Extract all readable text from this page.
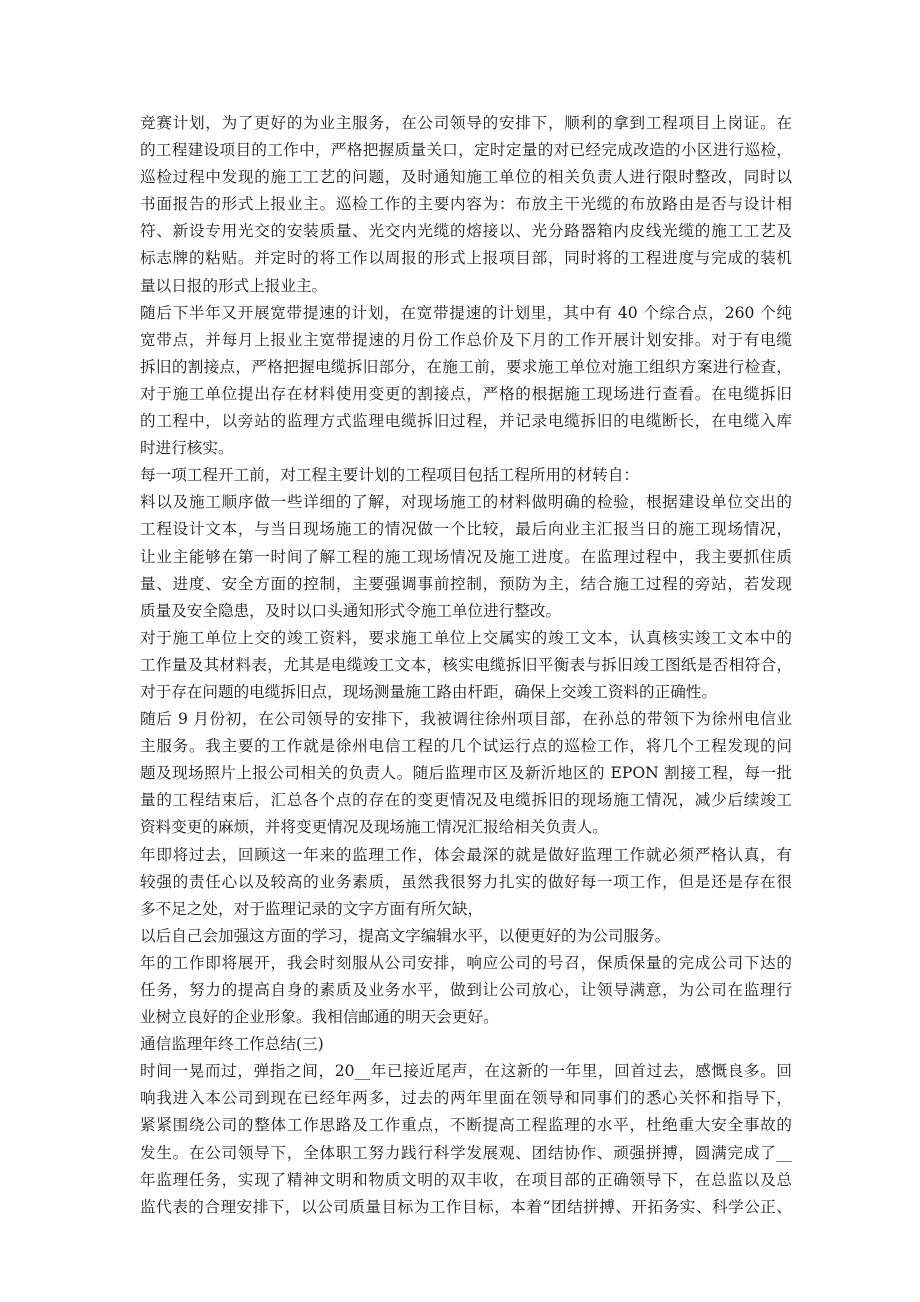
竞赛计划，为了更好的为业主服务，在公司领导的安排下，顺利的拿到工程项目上岗证。在
的工程建设项目的工作中，严格把握质量关口，定时定量的对已经完成改造的小区进行巡检，
巡检过程中发现的施工工艺的问题，及时通知施工单位的相关负责人进行限时整改，同时以
书面报告的形式上报业主。巡检工作的主要内容为：布放主干光缆的布放路由是否与设计相
符、新设专用光交的安装质量、光交内光缆的熔接以、光分路器箱内皮线光缆的施工工艺及
标志牌的粘贴。并定时的将工作以周报的形式上报项目部，同时将的工程进度与完成的装机
量以日报的形式上报业主。
随后下半年又开展宽带提速的计划，在宽带提速的计划里，其中有 40 个综合点，260 个纯
宽带点，并每月上报业主宽带提速的月份工作总价及下月的工作开展计划安排。对于有电缆
拆旧的割接点，严格把握电缆拆旧部分，在施工前，要求施工单位对施工组织方案进行检查，
对于施工单位提出存在材料使用变更的割接点，严格的根据施工现场进行查看。在电缆拆旧
的工程中，以旁站的监理方式监理电缆拆旧过程，并记录电缆拆旧的电缆断长，在电缆入库
时进行核实。
每一项工程开工前，对工程主要计划的工程项目包括工程所用的材转自：
料以及施工顺序做一些详细的了解，对现场施工的材料做明确的检验，根据建设单位交出的
工程设计文本，与当日现场施工的情况做一个比较，最后向业主汇报当日的施工现场情况，
让业主能够在第一时间了解工程的施工现场情况及施工进度。在监理过程中，我主要抓住质
量、进度、安全方面的控制，主要强调事前控制，预防为主，结合施工过程的旁站，若发现
质量及安全隐患，及时以口头通知形式令施工单位进行整改。
对于施工单位上交的竣工资料，要求施工单位上交属实的竣工文本，认真核实竣工文本中的
工作量及其材料表，尤其是电缆竣工文本，核实电缆拆旧平衡表与拆旧竣工图纸是否相符合，
对于存在问题的电缆拆旧点，现场测量施工路由杆距，确保上交竣工资料的正确性。
随后 9 月份初，在公司领导的安排下，我被调往徐州项目部，在孙总的带领下为徐州电信业
主服务。我主要的工作就是徐州电信工程的几个试运行点的巡检工作，将几个工程发现的问
题及现场照片上报公司相关的负责人。随后监理市区及新沂地区的 EPON 割接工程，每一批
量的工程结束后，汇总各个点的存在的变更情况及电缆拆旧的现场施工情况，减少后续竣工
资料变更的麻烦，并将变更情况及现场施工情况汇报给相关负责人。
年即将过去，回顾这一年来的监理工作，体会最深的就是做好监理工作就必须严格认真，有
较强的责任心以及较高的业务素质，虽然我很努力扎实的做好每一项工作，但是还是存在很
多不足之处，对于监理记录的文字方面有所欠缺，
以后自己会加强这方面的学习，提高文字编辑水平，以便更好的为公司服务。
年的工作即将展开，我会时刻服从公司安排，响应公司的号召，保质保量的完成公司下达的
任务，努力的提高自身的素质及业务水平，做到让公司放心，让领导满意，为公司在监理行
业树立良好的企业形象。我相信邮通的明天会更好。
通信监理年终工作总结(三)
时间一晃而过，弹指之间，20__年已接近尾声，在这新的一年里，回首过去，感慨良多。回
响我进入本公司到现在已经年两多，过去的两年里面在领导和同事们的悉心关怀和指导下，
紧紧围绕公司的整体工作思路及工作重点，不断提高工程监理的水平，杜绝重大安全事故的
发生。在公司领导下，全体职工努力践行科学发展观、团结协作、顽强拼搏，圆满完成了__
年监理任务，实现了精神文明和物质文明的双丰收，在项目部的正确领导下，在总监以及总
监代表的合理安排下，以公司质量目标为工作目标，本着“团结拼搏、开拓务实、科学公正、
